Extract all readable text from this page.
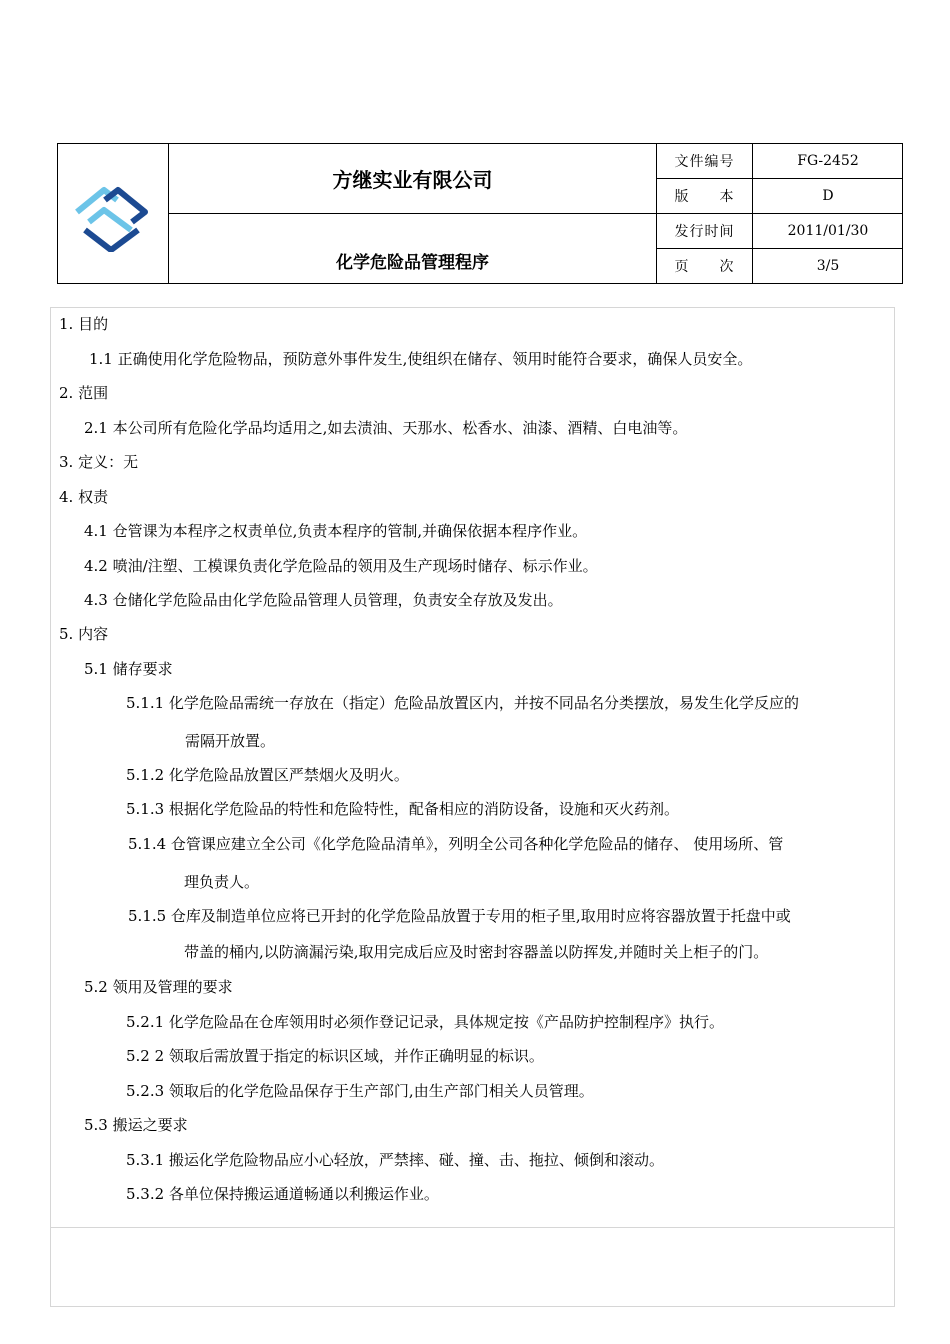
方继实业有限公司
化学危险品管理程序
文件编号	FG-2452
版　　本	D
发行时间	2011/01/30
页　　次	3/5
1. 目的
1.1 正确使用化学危险物品，预防意外事件发生,使组织在储存、领用时能符合要求，确保人员安全。
2. 范围
2.1 本公司所有危险化学品均适用之,如去渍油、天那水、松香水、油漆、酒精、白电油等。
3. 定义：无
4. 权责
4.1 仓管课为本程序之权责单位,负责本程序的管制,并确保依据本程序作业。
4.2 喷油/注塑、工模课负责化学危险品的领用及生产现场时储存、标示作业。
4.3 仓储化学危险品由化学危险品管理人员管理，负责安全存放及发出。
5. 内容
5.1 储存要求
5.1.1 化学危险品需统一存放在（指定）危险品放置区内，并按不同品名分类摆放，易发生化学反应的
需隔开放置。
5.1.2 化学危险品放置区严禁烟火及明火。
5.1.3 根据化学危险品的特性和危险特性，配备相应的消防设备，设施和灭火药剂。
5.1.4 仓管课应建立全公司《化学危险品清单》，列明全公司各种化学危险品的储存、 使用场所、管
理负责人。
5.1.5 仓库及制造单位应将已开封的化学危险品放置于专用的柜子里,取用时应将容器放置于托盘中或
带盖的桶内,以防滴漏污染,取用完成后应及时密封容器盖以防挥发,并随时关上柜子的门。
5.2 领用及管理的要求
5.2.1 化学危险品在仓库领用时必须作登记记录，具体规定按《产品防护控制程序》执行。
5.2 2 领取后需放置于指定的标识区域，并作正确明显的标识。
5.2.3 领取后的化学危险品保存于生产部门,由生产部门相关人员管理。
5.3 搬运之要求
5.3.1 搬运化学危险物品应小心轻放，严禁摔、碰、撞、击、拖拉、倾倒和滚动。
5.3.2 各单位保持搬运通道畅通以利搬运作业。
